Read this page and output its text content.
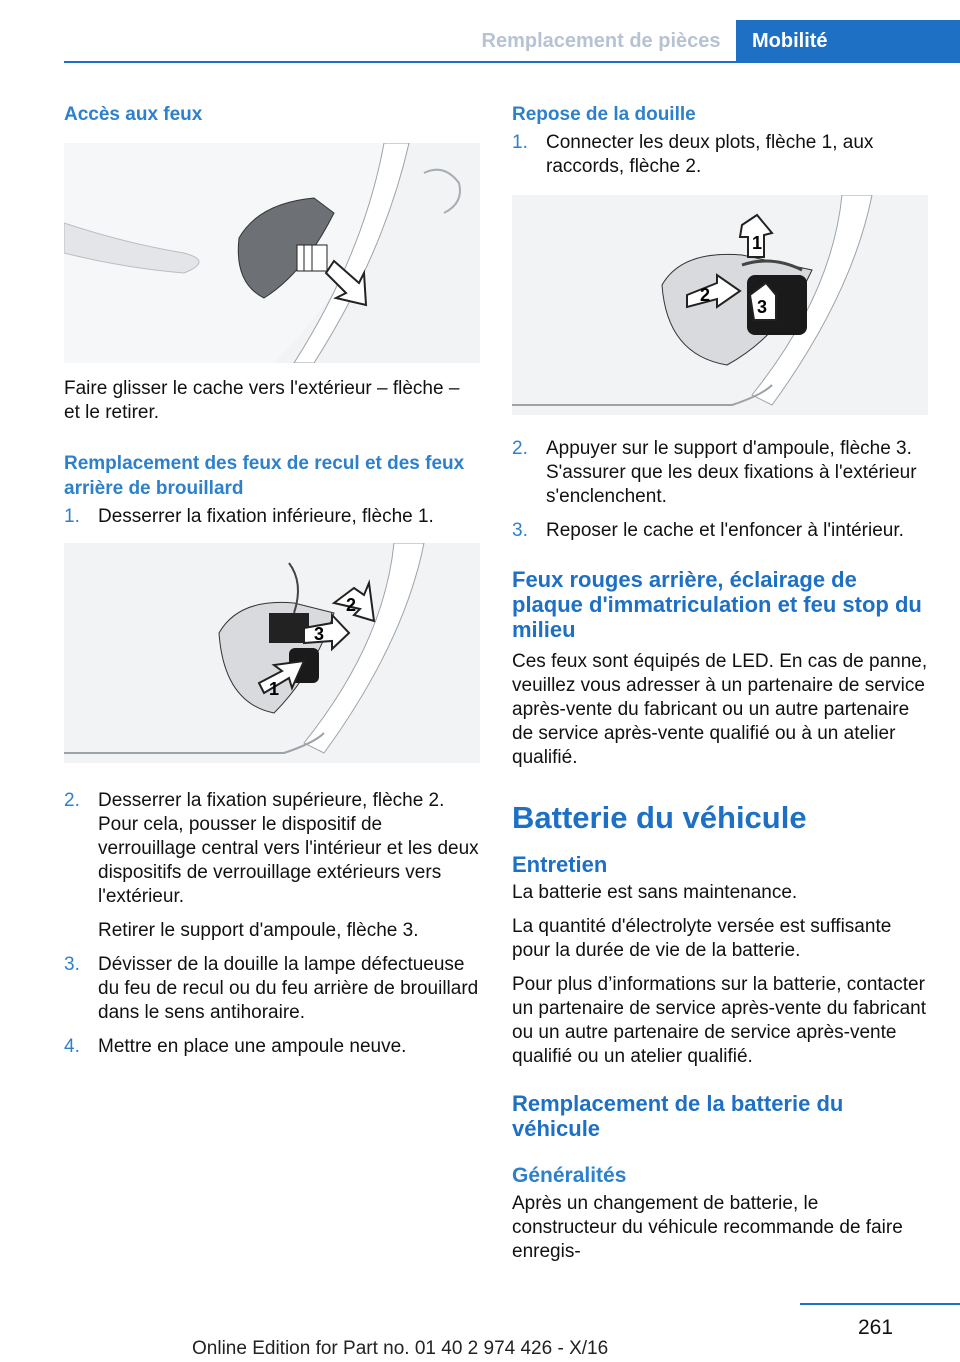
Remplacement de pièces	Mobilité
Accès aux feux

Faire glisser le cache vers l'extérieur – flèche – et le retirer.

Remplacement des feux de recul et des feux arrière de brouillard
1. Desserrer la fixation inférieure, flèche 1.
2
3
1
2. Desserrer la fixation supérieure, flèche 2. Pour cela, pousser le dispositif de verrouillage central vers l'intérieur et les deux dispositifs de verrouillage extérieurs vers l'extérieur.
Retirer le support d'ampoule, flèche 3.
3. Dévisser de la douille la lampe défectueuse du feu de recul ou du feu arrière de brouillard dans le sens antihoraire.
4. Mettre en place une ampoule neuve.
Repose de la douille
1. Connecter les deux plots, flèche 1, aux raccords, flèche 2.
1
2
3
2. Appuyer sur le support d'ampoule, flèche 3. S'assurer que les deux fixations à l'extérieur s'enclenchent.
3. Reposer le cache et l'enfoncer à l'intérieur.
Feux rouges arrière, éclairage de plaque d'immatriculation et feu stop du milieu

Ces feux sont équipés de LED. En cas de panne, veuillez vous adresser à un partenaire de service après-vente du fabricant ou un autre partenaire de service après-vente qualifié ou à un atelier qualifié.

Batterie du véhicule
Entretien

La batterie est sans maintenance.

La quantité d'électrolyte versée est suffisante pour la durée de vie de la batterie.

Pour plus d’informations sur la batterie, contacter un partenaire de service après-vente du fabricant ou un autre partenaire de service après-vente qualifié ou un atelier qualifié.

Remplacement de la batterie du véhicule
Généralités

Après un changement de batterie, le constructeur du véhicule recommande de faire enregis-

261
Online Edition for Part no. 01 40 2 974 426 - X/16
